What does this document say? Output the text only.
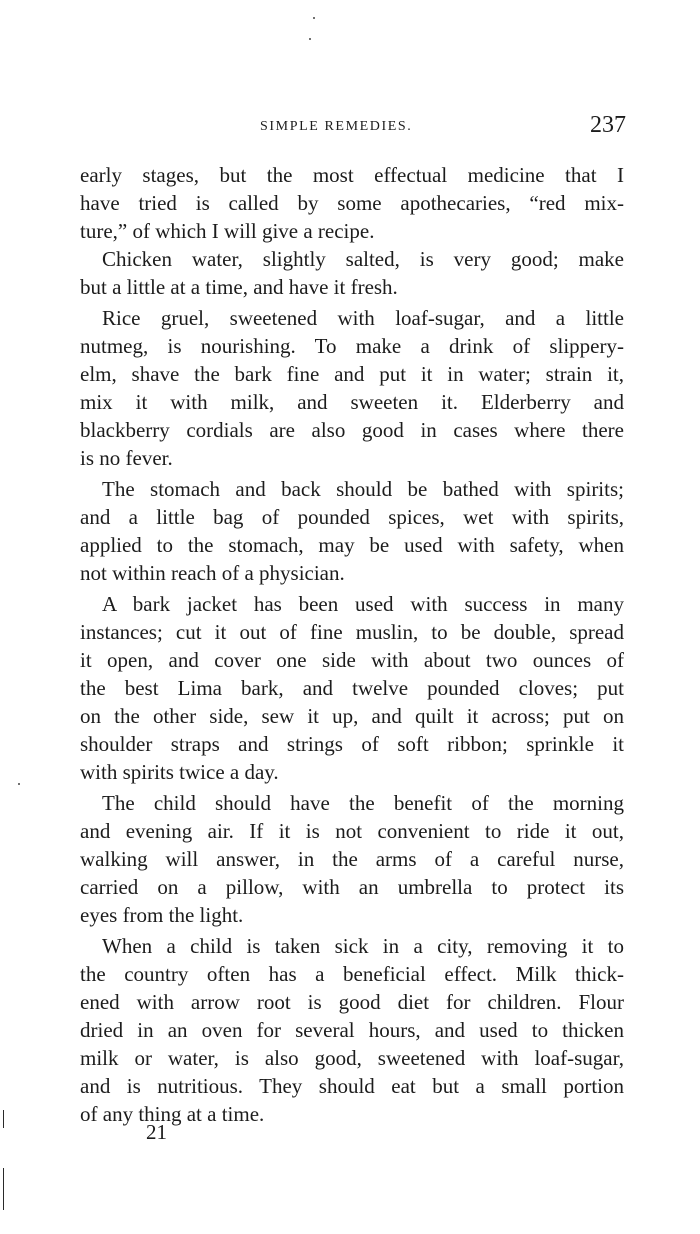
SIMPLE REMEDIES.	237
early stages, but the most effectual medicine that I
have tried is called by some apothecaries, “red mix-
ture,” of which I will give a recipe.
Chicken water, slightly salted, is very good; make
but a little at a time, and have it fresh.
Rice gruel, sweetened with loaf-sugar, and a little
nutmeg, is nourishing. To make a drink of slippery-
elm, shave the bark fine and put it in water; strain it,
mix it with milk, and sweeten it. Elderberry and
blackberry cordials are also good in cases where there
is no fever.
The stomach and back should be bathed with spirits;
and a little bag of pounded spices, wet with spirits,
applied to the stomach, may be used with safety, when
not within reach of a physician.
A bark jacket has been used with success in many
instances; cut it out of fine muslin, to be double, spread
it open, and cover one side with about two ounces of
the best Lima bark, and twelve pounded cloves; put
on the other side, sew it up, and quilt it across; put on
shoulder straps and strings of soft ribbon; sprinkle it
with spirits twice a day.
The child should have the benefit of the morning
and evening air. If it is not convenient to ride it out,
walking will answer, in the arms of a careful nurse,
carried on a pillow, with an umbrella to protect its
eyes from the light.
When a child is taken sick in a city, removing it to
the country often has a beneficial effect. Milk thick-
ened with arrow root is good diet for children. Flour
dried in an oven for several hours, and used to thicken
milk or water, is also good, sweetened with loaf-sugar,
and is nutritious. They should eat but a small portion
of any thing at a time.
21
